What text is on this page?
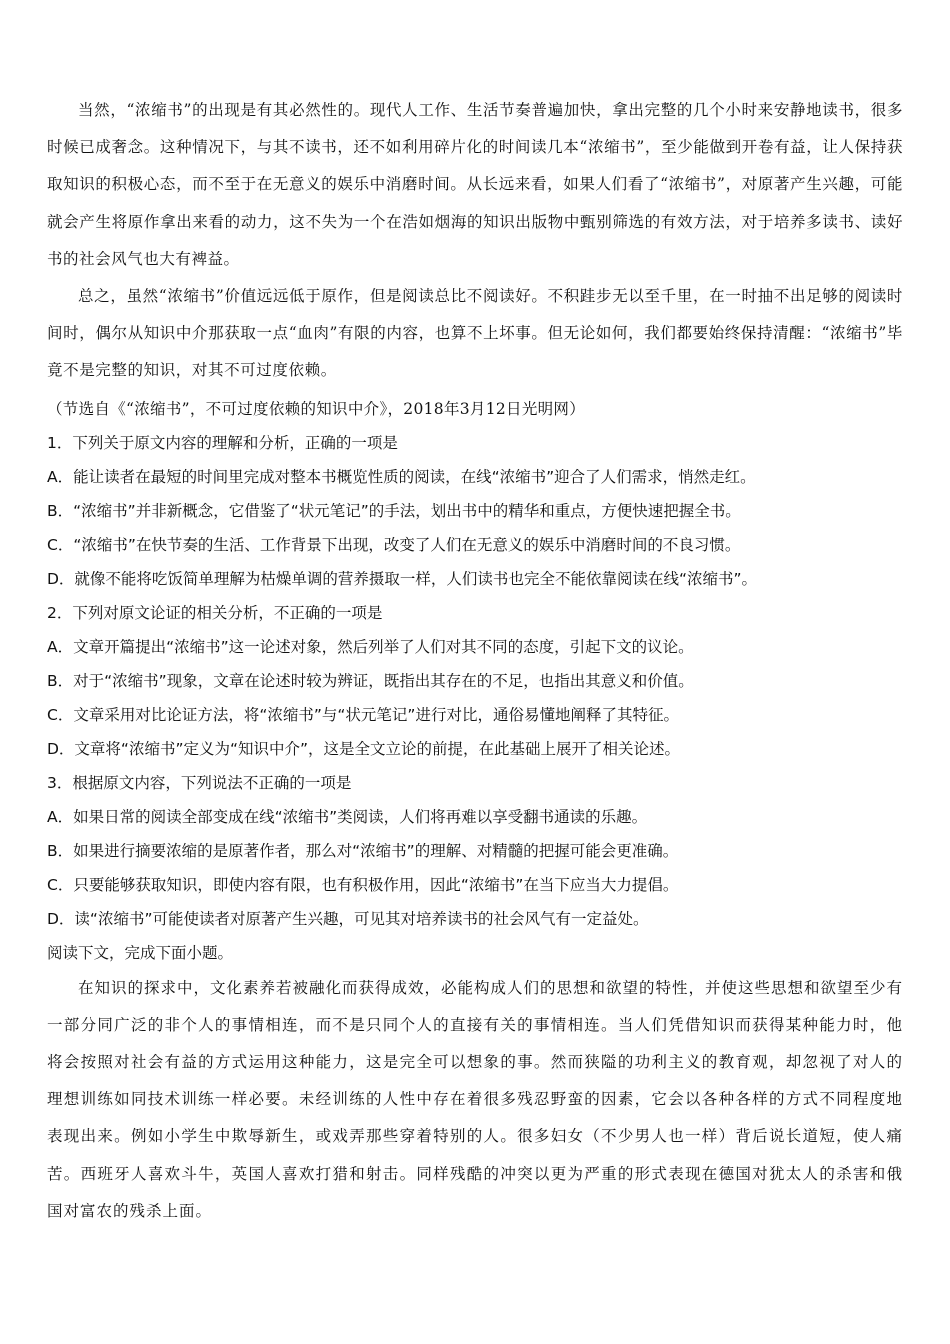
当然，“浓缩书”的出现是有其必然性的。现代人工作、生活节奏普遍加快，拿出完整的几个小时来安静地读书，很多时候已成奢念。这种情况下，与其不读书，还不如利用碎片化的时间读几本“浓缩书”，至少能做到开卷有益，让人保持获取知识的积极心态，而不至于在无意义的娱乐中消磨时间。从长远来看，如果人们看了“浓缩书”，对原著产生兴趣，可能就会产生将原作拿出来看的动力，这不失为一个在浩如烟海的知识出版物中甄别筛选的有效方法，对于培养多读书、读好书的社会风气也大有裨益。

总之，虽然“浓缩书”价值远远低于原作，但是阅读总比不阅读好。不积跬步无以至千里，在一时抽不出足够的阅读时间时，偶尔从知识中介那获取一点“血肉”有限的内容，也算不上坏事。但无论如何，我们都要始终保持清醒：“浓缩书”毕竟不是完整的知识，对其不可过度依赖。

（节选自《“浓缩书”，不可过度依赖的知识中介》，2018年3月12日光明网）

1．下列关于原文内容的理解和分析，正确的一项是

A．能让读者在最短的时间里完成对整本书概览性质的阅读，在线“浓缩书”迎合了人们需求，悄然走红。

B．“浓缩书”并非新概念，它借鉴了“状元笔记”的手法，划出书中的精华和重点，方便快速把握全书。

C．“浓缩书”在快节奏的生活、工作背景下出现，改变了人们在无意义的娱乐中消磨时间的不良习惯。

D．就像不能将吃饭简单理解为枯燥单调的营养摄取一样，人们读书也完全不能依靠阅读在线“浓缩书”。

2．下列对原文论证的相关分析，不正确的一项是

A．文章开篇提出“浓缩书”这一论述对象，然后列举了人们对其不同的态度，引起下文的议论。

B．对于“浓缩书”现象，文章在论述时较为辨证，既指出其存在的不足，也指出其意义和价值。

C．文章采用对比论证方法，将“浓缩书”与“状元笔记”进行对比，通俗易懂地阐释了其特征。

D．文章将“浓缩书”定义为“知识中介”，这是全文立论的前提，在此基础上展开了相关论述。

3．根据原文内容，下列说法不正确的一项是

A．如果日常的阅读全部变成在线“浓缩书”类阅读，人们将再难以享受翻书通读的乐趣。

B．如果进行摘要浓缩的是原著作者，那么对“浓缩书”的理解、对精髓的把握可能会更准确。

C．只要能够获取知识，即使内容有限，也有积极作用，因此“浓缩书”在当下应当大力提倡。

D．读“浓缩书”可能使读者对原著产生兴趣，可见其对培养读书的社会风气有一定益处。

阅读下文，完成下面小题。

在知识的探求中，文化素养若被融化而获得成效，必能构成人们的思想和欲望的特性，并使这些思想和欲望至少有一部分同广泛的非个人的事情相连，而不是只同个人的直接有关的事情相连。当人们凭借知识而获得某种能力时，他将会按照对社会有益的方式运用这种能力，这是完全可以想象的事。然而狭隘的功利主义的教育观，却忽视了对人的理想训练如同技术训练一样必要。未经训练的人性中存在着很多残忍野蛮的因素，它会以各种各样的方式不同程度地表现出来。例如小学生中欺辱新生，或戏弄那些穿着特别的人。很多妇女（不少男人也一样）背后说长道短，使人痛苦。西班牙人喜欢斗牛，英国人喜欢打猎和射击。同样残酷的冲突以更为严重的形式表现在德国对犹太人的杀害和俄国对富农的残杀上面。
